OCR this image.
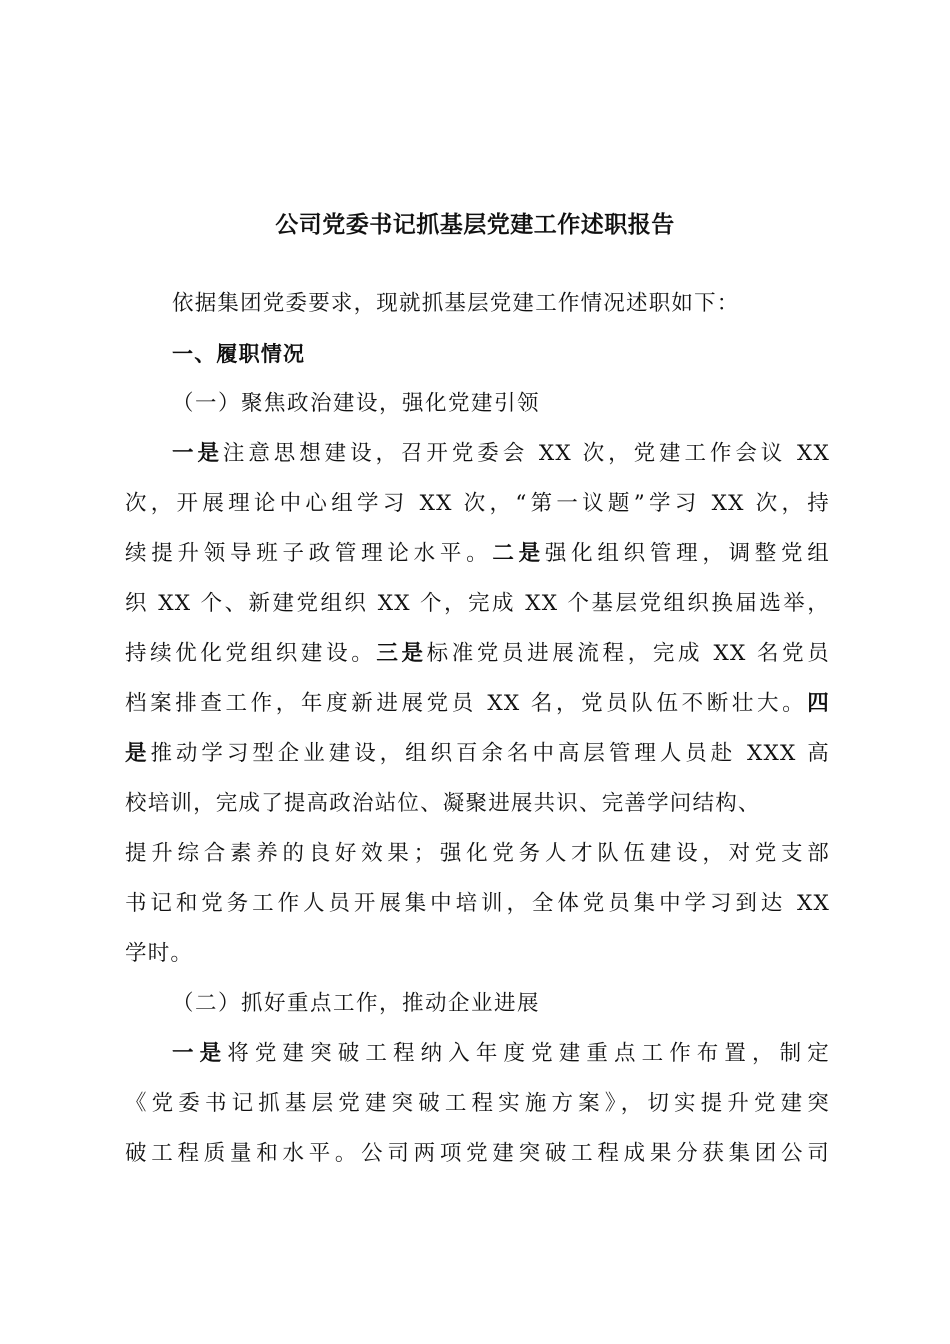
公司党委书记抓基层党建工作述职报告
依据集团党委要求，现就抓基层党建工作情况述职如下：
一、履职情况
（一）聚焦政治建设，强化党建引领
一是注意思想建设，召开党委会 XX 次，党建工作会议 XX
次，开展理论中心组学习 XX 次，“第一议题”学习 XX 次，持
续提升领导班子政管理论水平。二是强化组织管理，调整党组
织 XX 个、新建党组织 XX 个，完成 XX 个基层党组织换届选举，
持续优化党组织建设。三是标准党员进展流程，完成 XX 名党员
档案排查工作，年度新进展党员 XX 名，党员队伍不断壮大。四
是推动学习型企业建设，组织百余名中高层管理人员赴 XXX 高
校培训，完成了提高政治站位、凝聚进展共识、完善学问结构、
提升综合素养的良好效果；强化党务人才队伍建设，对党支部
书记和党务工作人员开展集中培训，全体党员集中学习到达 XX
学时。
（二）抓好重点工作，推动企业进展
一是将党建突破工程纳入年度党建重点工作布置，制定
《党委书记抓基层党建突破工程实施方案》，切实提升党建突
破工程质量和水平。公司两项党建突破工程成果分获集团公司
